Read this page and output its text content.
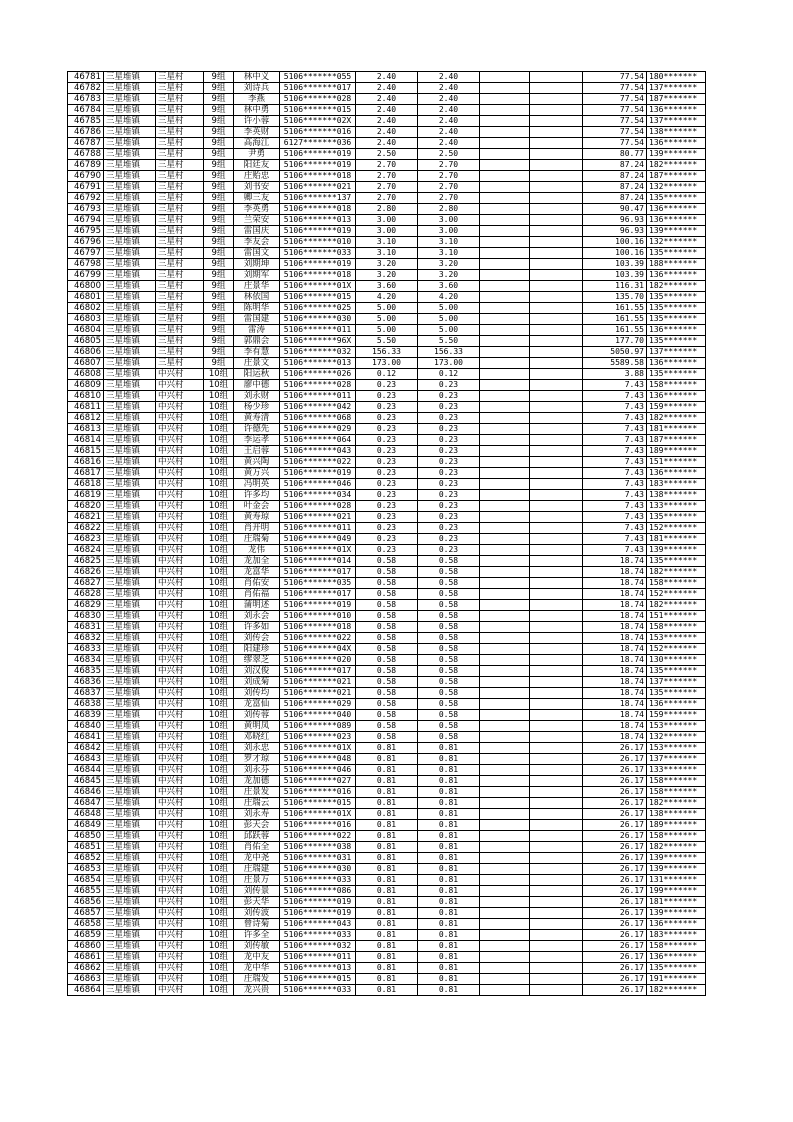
46781	三星堆镇	三星村	9组	林中义	5106*******055	2.40	2.40			77.54	180*******
46782	三星堆镇	三星村	9组	刘诗兵	5106*******017	2.40	2.40			77.54	137*******
46783	三星堆镇	三星村	9组	李燕	5106*******028	2.40	2.40			77.54	187*******
46784	三星堆镇	三星村	9组	林中勇	5106*******015	2.40	2.40			77.54	136*******
46785	三星堆镇	三星村	9组	许小蓉	5106*******02X	2.40	2.40			77.54	137*******
46786	三星堆镇	三星村	9组	李英财	5106*******016	2.40	2.40			77.54	138*******
46787	三星堆镇	三星村	9组	高海江	6127*******036	2.40	2.40			77.54	136*******
46788	三星堆镇	三星村	9组	尹勇	5106*******019	2.50	2.50			80.77	139*******
46789	三星堆镇	三星村	9组	阳廷友	5106*******019	2.70	2.70			87.24	182*******
46790	三星堆镇	三星村	9组	庄贻忠	5106*******018	2.70	2.70			87.24	187*******
46791	三星堆镇	三星村	9组	刘书安	5106*******021	2.70	2.70			87.24	132*******
46792	三星堆镇	三星村	9组	卿三友	5106*******137	2.70	2.70			87.24	135*******
46793	三星堆镇	三星村	9组	李英勇	5106*******018	2.80	2.80			90.47	136*******
46794	三星堆镇	三星村	9组	兰荣安	5106*******013	3.00	3.00			96.93	136*******
46795	三星堆镇	三星村	9组	雷国庆	5106*******019	3.00	3.00			96.93	139*******
46796	三星堆镇	三星村	9组	李友会	5106*******010	3.10	3.10			100.16	132*******
46797	三星堆镇	三星村	9组	雷国文	5106*******033	3.10	3.10			100.16	135*******
46798	三星堆镇	三星村	9组	刘期坤	5106*******019	3.20	3.20			103.39	188*******
46799	三星堆镇	三星村	9组	刘期军	5106*******018	3.20	3.20			103.39	136*******
46800	三星堆镇	三星村	9组	庄景华	5106*******01X	3.60	3.60			116.31	182*******
46801	三星堆镇	三星村	9组	林依国	5106*******015	4.20	4.20			135.70	135*******
46802	三星堆镇	三星村	9组	陈明华	5106*******025	5.00	5.00			161.55	135*******
46803	三星堆镇	三星村	9组	雷国建	5106*******030	5.00	5.00			161.55	135*******
46804	三星堆镇	三星村	9组	雷涛	5106*******011	5.00	5.00			161.55	136*******
46805	三星堆镇	三星村	9组	郭鼎会	5106*******96X	5.50	5.50			177.70	135*******
46806	三星堆镇	三星村	9组	李有慧	5106*******032	156.33	156.33			5050.97	137*******
46807	三星堆镇	三星村	9组	庄景文	5106*******013	173.00	173.00			5589.58	136*******
46808	三星堆镇	中兴村	10组	阳运秋	5106*******026	0.12	0.12			3.88	135*******
46809	三星堆镇	中兴村	10组	廖中德	5106*******028	0.23	0.23			7.43	158*******
46810	三星堆镇	中兴村	10组	刘永财	5106*******011	0.23	0.23			7.43	136*******
46811	三星堆镇	中兴村	10组	杨少珍	5106*******042	0.23	0.23			7.43	159*******
46812	三星堆镇	中兴村	10组	黄寿清	5106*******068	0.23	0.23			7.43	182*******
46813	三星堆镇	中兴村	10组	许德先	5106*******029	0.23	0.23			7.43	181*******
46814	三星堆镇	中兴村	10组	李运孝	5106*******064	0.23	0.23			7.43	187*******
46815	三星堆镇	中兴村	10组	王启蓉	5106*******043	0.23	0.23			7.43	189*******
46816	三星堆镇	中兴村	10组	黄兴陶	5106*******022	0.23	0.23			7.43	151*******
46817	三星堆镇	中兴村	10组	黄万兴	5106*******019	0.23	0.23			7.43	136*******
46818	三星堆镇	中兴村	10组	冯明英	5106*******046	0.23	0.23			7.43	183*******
46819	三星堆镇	中兴村	10组	许多均	5106*******034	0.23	0.23			7.43	138*******
46820	三星堆镇	中兴村	10组	叶金会	5106*******028	0.23	0.23			7.43	133*******
46821	三星堆镇	中兴村	10组	黄寿琼	5106*******021	0.23	0.23			7.43	135*******
46822	三星堆镇	中兴村	10组	肖开明	5106*******011	0.23	0.23			7.43	152*******
46823	三星堆镇	中兴村	10组	庄瑞菊	5106*******049	0.23	0.23			7.43	181*******
46824	三星堆镇	中兴村	10组	龙伟	5106*******01X	0.23	0.23			7.43	139*******
46825	三星堆镇	中兴村	10组	龙加全	5106*******014	0.58	0.58			18.74	135*******
46826	三星堆镇	中兴村	10组	龙富华	5106*******017	0.58	0.58			18.74	182*******
46827	三星堆镇	中兴村	10组	肖佑安	5106*******035	0.58	0.58			18.74	158*******
46828	三星堆镇	中兴村	10组	肖佑福	5106*******017	0.58	0.58			18.74	152*******
46829	三星堆镇	中兴村	10组	蒲明述	5106*******019	0.58	0.58			18.74	182*******
46830	三星堆镇	中兴村	10组	刘永会	5106*******010	0.58	0.58			18.74	151*******
46831	三星堆镇	中兴村	10组	许多如	5106*******018	0.58	0.58			18.74	158*******
46832	三星堆镇	中兴村	10组	刘传会	5106*******022	0.58	0.58			18.74	153*******
46833	三星堆镇	中兴村	10组	阳建珍	5106*******04X	0.58	0.58			18.74	152*******
46834	三星堆镇	中兴村	10组	缪翠芝	5106*******020	0.58	0.58			18.74	130*******
46835	三星堆镇	中兴村	10组	刘汉俊	5106*******017	0.58	0.58			18.74	135*******
46836	三星堆镇	中兴村	10组	刘成菊	5106*******021	0.58	0.58			18.74	137*******
46837	三星堆镇	中兴村	10组	刘传均	5106*******021	0.58	0.58			18.74	135*******
46838	三星堆镇	中兴村	10组	龙富仙	5106*******029	0.58	0.58			18.74	136*******
46839	三星堆镇	中兴村	10组	刘传蓉	5106*******040	0.58	0.58			18.74	159*******
46840	三星堆镇	中兴村	10组	黄明凤	5106*******089	0.58	0.58			18.74	153*******
46841	三星堆镇	中兴村	10组	邓晓红	5106*******023	0.58	0.58			18.74	132*******
46842	三星堆镇	中兴村	10组	刘永忠	5106*******01X	0.81	0.81			26.17	153*******
46843	三星堆镇	中兴村	10组	罗才琼	5106*******048	0.81	0.81			26.17	137*******
46844	三星堆镇	中兴村	10组	刘永芬	5106*******046	0.81	0.81			26.17	133*******
46845	三星堆镇	中兴村	10组	龙加德	5106*******027	0.81	0.81			26.17	158*******
46846	三星堆镇	中兴村	10组	庄景发	5106*******016	0.81	0.81			26.17	158*******
46847	三星堆镇	中兴村	10组	庄瑞云	5106*******015	0.81	0.81			26.17	182*******
46848	三星堆镇	中兴村	10组	刘永寿	5106*******01X	0.81	0.81			26.17	138*******
46849	三星堆镇	中兴村	10组	彭天会	5106*******016	0.81	0.81			26.17	189*******
46850	三星堆镇	中兴村	10组	邱跃蓉	5106*******022	0.81	0.81			26.17	158*******
46851	三星堆镇	中兴村	10组	肖佑全	5106*******038	0.81	0.81			26.17	182*******
46852	三星堆镇	中兴村	10组	龙中尧	5106*******031	0.81	0.81			26.17	139*******
46853	三星堆镇	中兴村	10组	庄瑞建	5106*******030	0.81	0.81			26.17	139*******
46854	三星堆镇	中兴村	10组	庄景万	5106*******033	0.81	0.81			26.17	131*******
46855	三星堆镇	中兴村	10组	刘传景	5106*******086	0.81	0.81			26.17	199*******
46856	三星堆镇	中兴村	10组	彭天华	5106*******019	0.81	0.81			26.17	181*******
46857	三星堆镇	中兴村	10组	刘传波	5106*******019	0.81	0.81			26.17	139*******
46858	三星堆镇	中兴村	10组	曾诗菊	5106*******043	0.81	0.81			26.17	136*******
46859	三星堆镇	中兴村	10组	许多全	5106*******033	0.81	0.81			26.17	183*******
46860	三星堆镇	中兴村	10组	刘传敏	5106*******032	0.81	0.81			26.17	158*******
46861	三星堆镇	中兴村	10组	龙中友	5106*******011	0.81	0.81			26.17	136*******
46862	三星堆镇	中兴村	10组	龙中华	5106*******013	0.81	0.81			26.17	135*******
46863	三星堆镇	中兴村	10组	庄瑞发	5106*******015	0.81	0.81			26.17	191*******
46864	三星堆镇	中兴村	10组	龙兴贵	5106*******033	0.81	0.81			26.17	182*******
